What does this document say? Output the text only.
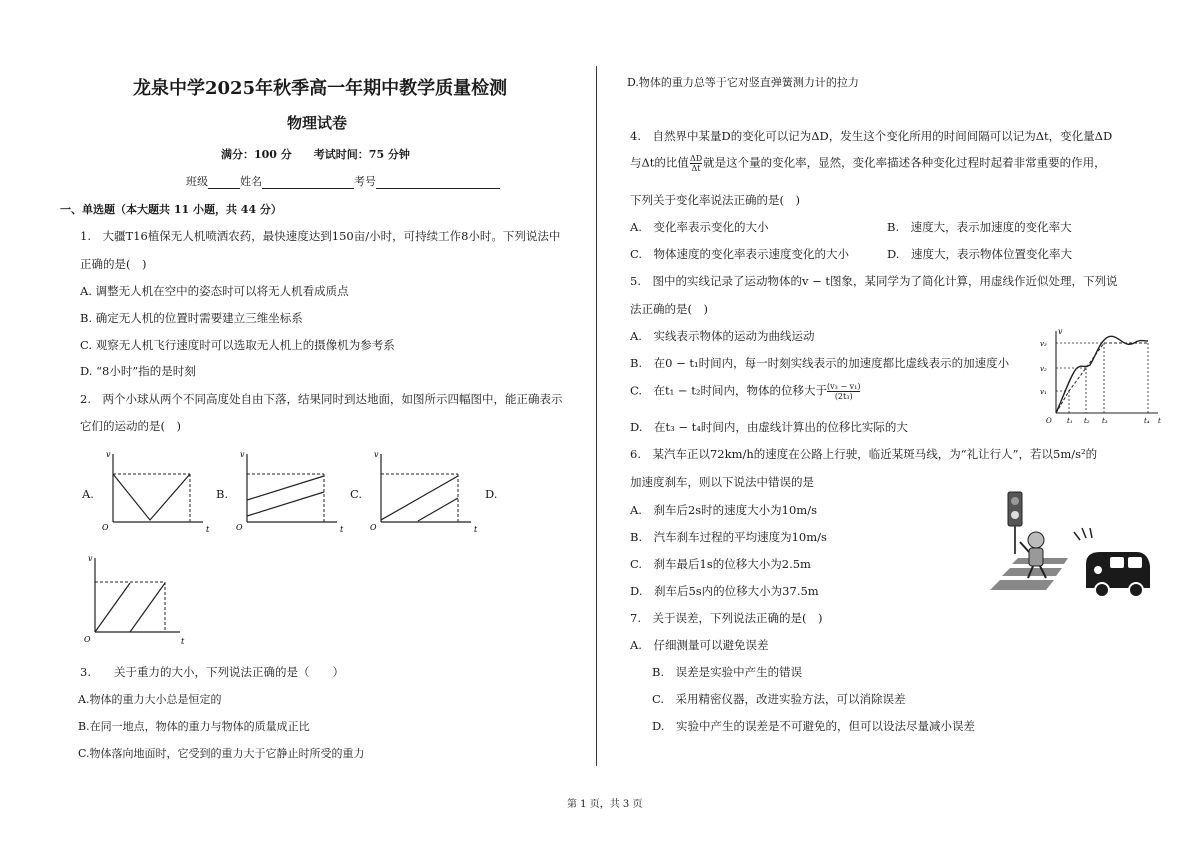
龙泉中学2025年秋季高一年期中教学质量检测
物理试卷
满分：100 分　　考试时间：75 分钟
班级	姓名	考号
一、单选题（本大题共 11 小题，共 44 分）
1.　大疆T16植保无人机喷洒农药，最快速度达到150亩/小时，可持续工作8小时。下列说法中
正确的是(　)
A. 调整无人机在空中的姿态时可以将无人机看成质点
B. 确定无人机的位置时需要建立三维坐标系
C. 观察无人机飞行速度时可以选取无人机上的摄像机为参考系
D. “8小时”指的是时刻
2.　两个小球从两个不同高度处自由下落，结果同时到达地面，如图所示四幅图中，能正确表示
它们的运动的是(　)
A.	B.	C.	D.
v
t
O
v
t
O
v
t
O
v
t
O
3.　　关于重力的大小，下列说法正确的是（　　）
A.物体的重力大小总是恒定的
B.在同一地点，物体的重力与物体的质量成正比
C.物体落向地面时，它受到的重力大于它静止时所受的重力
D.物体的重力总等于它对竖直弹簧测力计的拉力
4.　自然界中某量D的变化可以记为ΔD，发生这个变化所用的时间间隔可以记为Δt，变化量ΔD
与Δt的比值 $\frac{\Delta D}{\Delta t}$ 就是这个量的变化率，显然，变化率描述各种变化过程时起着非常重要的作用，
下列关于变化率说法正确的是(　)
A.　变化率表示变化的大小	B.　速度大，表示加速度的变化率大
C.　物体速度的变化率表示速度变化的大小	D.　速度大，表示物体位置变化率大
5.　图中的实线记录了运动物体的v − t图象，某同学为了简化计算，用虚线作近似处理，下列说
法正确的是(　)
A.　实线表示物体的运动为曲线运动
B.　在0 − t₁时间内，每一时刻实线表示的加速度都比虚线表示的加速度小
C.　在t₁ − t₂时间内，物体的位移大于 $\frac{\text{(v₃ − v₁)}}{\text{(2t₃)}}$
D.　在t₃ − t₄时间内，由虚线计算出的位移比实际的大
v
v₃
v₂
v₁
O t₁ t₂ t₃	t₄ t
6.　某汽车正以72km/h的速度在公路上行驶，临近某斑马线，为“礼让行人”，若以5m/s²的
加速度刹车，则以下说法中错误的是
A.　刹车后2s时的速度大小为10m/s
B.　汽车刹车过程的平均速度为10m/s
C.　刹车最后1s的位移大小为2.5m
D.　刹车后5s内的位移大小为37.5m
7.　关于误差，下列说法正确的是(　)
A.　仔细测量可以避免误差
B.　误差是实验中产生的错误
C.　采用精密仪器，改进实验方法，可以消除误差
D.　实验中产生的误差是不可避免的，但可以设法尽量减小误差
第 1 页，共 3 页
